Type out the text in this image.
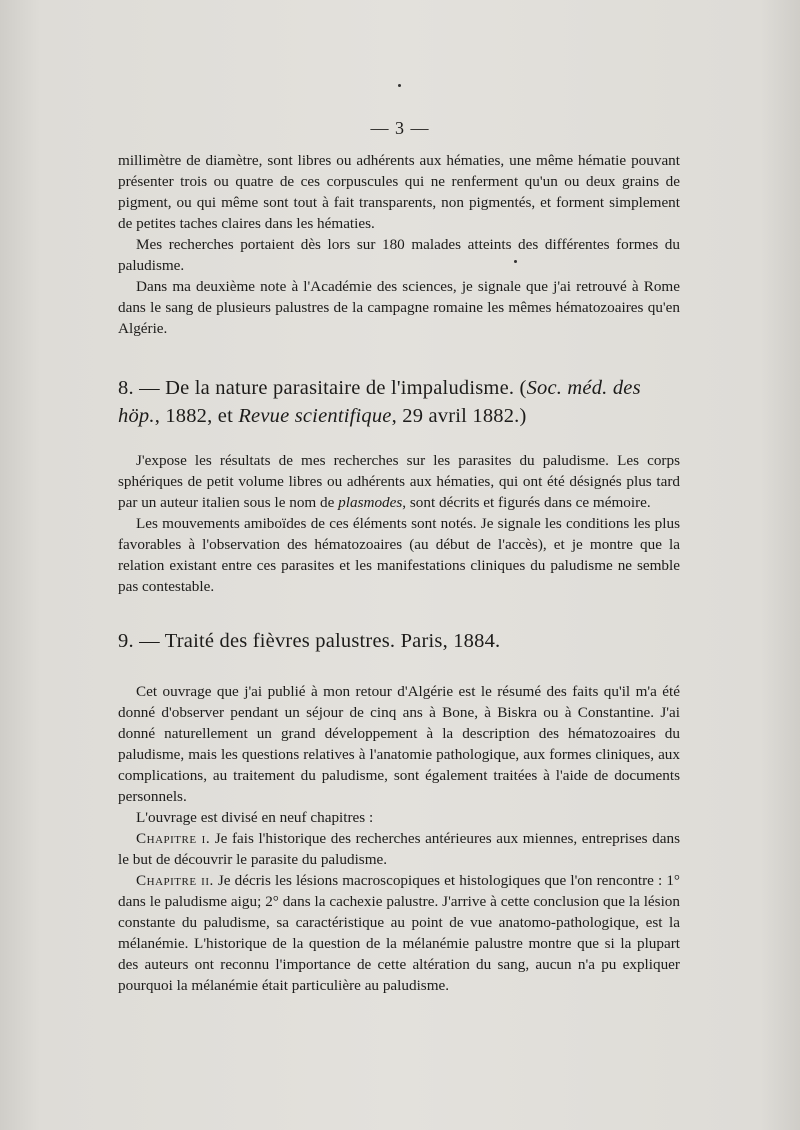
— 3 —

millimètre de diamètre, sont libres ou adhérents aux hématies, une même hématie pouvant présenter trois ou quatre de ces corpuscules qui ne renferment qu'un ou deux grains de pigment, ou qui même sont tout à fait transparents, non pigmentés, et forment simplement de petites taches claires dans les hématies.

Mes recherches portaient dès lors sur 180 malades atteints des différentes formes du paludisme.

Dans ma deuxième note à l'Académie des sciences, je signale que j'ai retrouvé à Rome dans le sang de plusieurs palustres de la campagne romaine les mêmes hématozoaires qu'en Algérie.

8. — De la nature parasitaire de l'impaludisme. (Soc. méd. des höp., 1882, et Revue scientifique, 29 avril 1882.)

J'expose les résultats de mes recherches sur les parasites du paludisme. Les corps sphériques de petit volume libres ou adhérents aux hématies, qui ont été désignés plus tard par un auteur italien sous le nom de plasmodes, sont décrits et figurés dans ce mémoire.

Les mouvements amiboïdes de ces éléments sont notés. Je signale les conditions les plus favorables à l'observation des hématozoaires (au début de l'accès), et je montre que la relation existant entre ces parasites et les manifestations cliniques du paludisme ne semble pas contestable.

9. — Traité des fièvres palustres. Paris, 1884.

Cet ouvrage que j'ai publié à mon retour d'Algérie est le résumé des faits qu'il m'a été donné d'observer pendant un séjour de cinq ans à Bone, à Biskra ou à Constantine. J'ai donné naturellement un grand développement à la description des hématozoaires du paludisme, mais les questions relatives à l'anatomie pathologique, aux formes cliniques, aux complications, au traitement du paludisme, sont également traitées à l'aide de documents personnels.

L'ouvrage est divisé en neuf chapitres :

Chapitre i. Je fais l'historique des recherches antérieures aux miennes, entreprises dans le but de découvrir le parasite du paludisme.

Chapitre ii. Je décris les lésions macroscopiques et histologiques que l'on rencontre : 1° dans le paludisme aigu; 2° dans la cachexie palustre. J'arrive à cette conclusion que la lésion constante du paludisme, sa caractéristique au point de vue anatomo-pathologique, est la mélanémie. L'historique de la question de la mélanémie palustre montre que si la plupart des auteurs ont reconnu l'importance de cette altération du sang, aucun n'a pu expliquer pourquoi la mélanémie était particulière au paludisme.
